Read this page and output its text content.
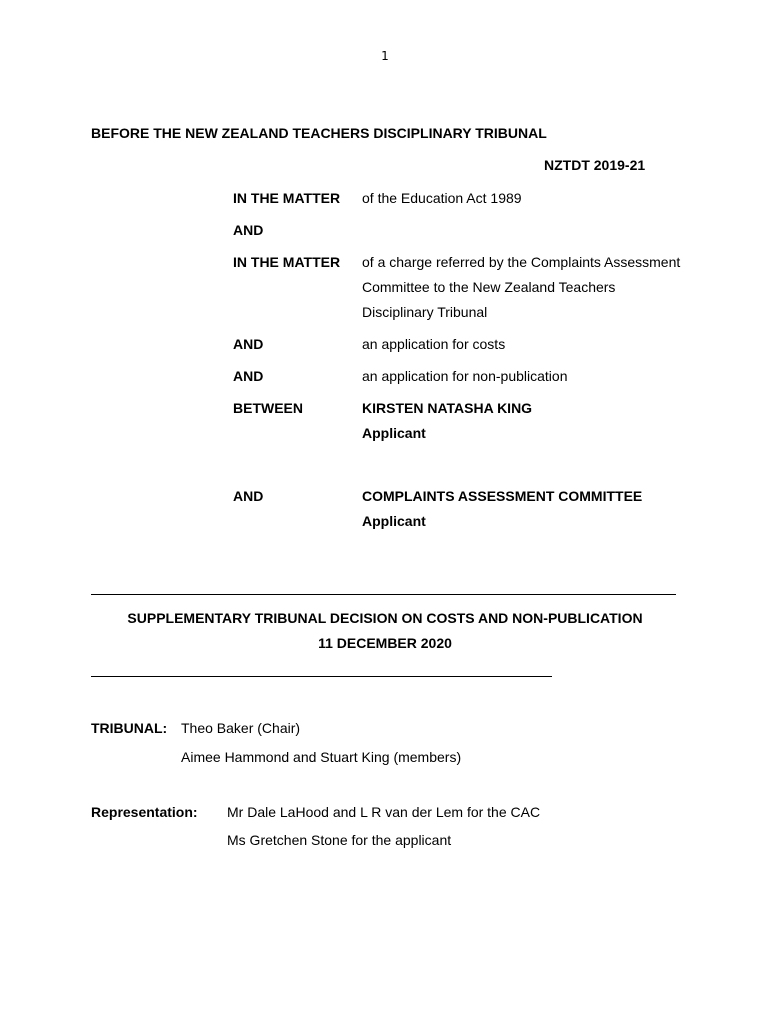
1
BEFORE THE NEW ZEALAND TEACHERS DISCIPLINARY TRIBUNAL
NZTDT 2019-21
IN THE MATTER of the Education Act 1989
AND
IN THE MATTER of a charge referred by the Complaints Assessment
Committee to the New Zealand Teachers
Disciplinary Tribunal
AND	an application for costs
AND	an application for non-publication
BETWEEN	KIRSTEN NATASHA KING
Applicant
AND	COMPLAINTS ASSESSMENT COMMITTEE
Applicant
SUPPLEMENTARY TRIBUNAL DECISION ON COSTS AND NON-PUBLICATION
11 DECEMBER 2020
TRIBUNAL: Theo Baker (Chair)
Aimee Hammond and Stuart King (members)
Representation: Mr Dale LaHood and L R van der Lem for the CAC
Ms Gretchen Stone for the applicant
